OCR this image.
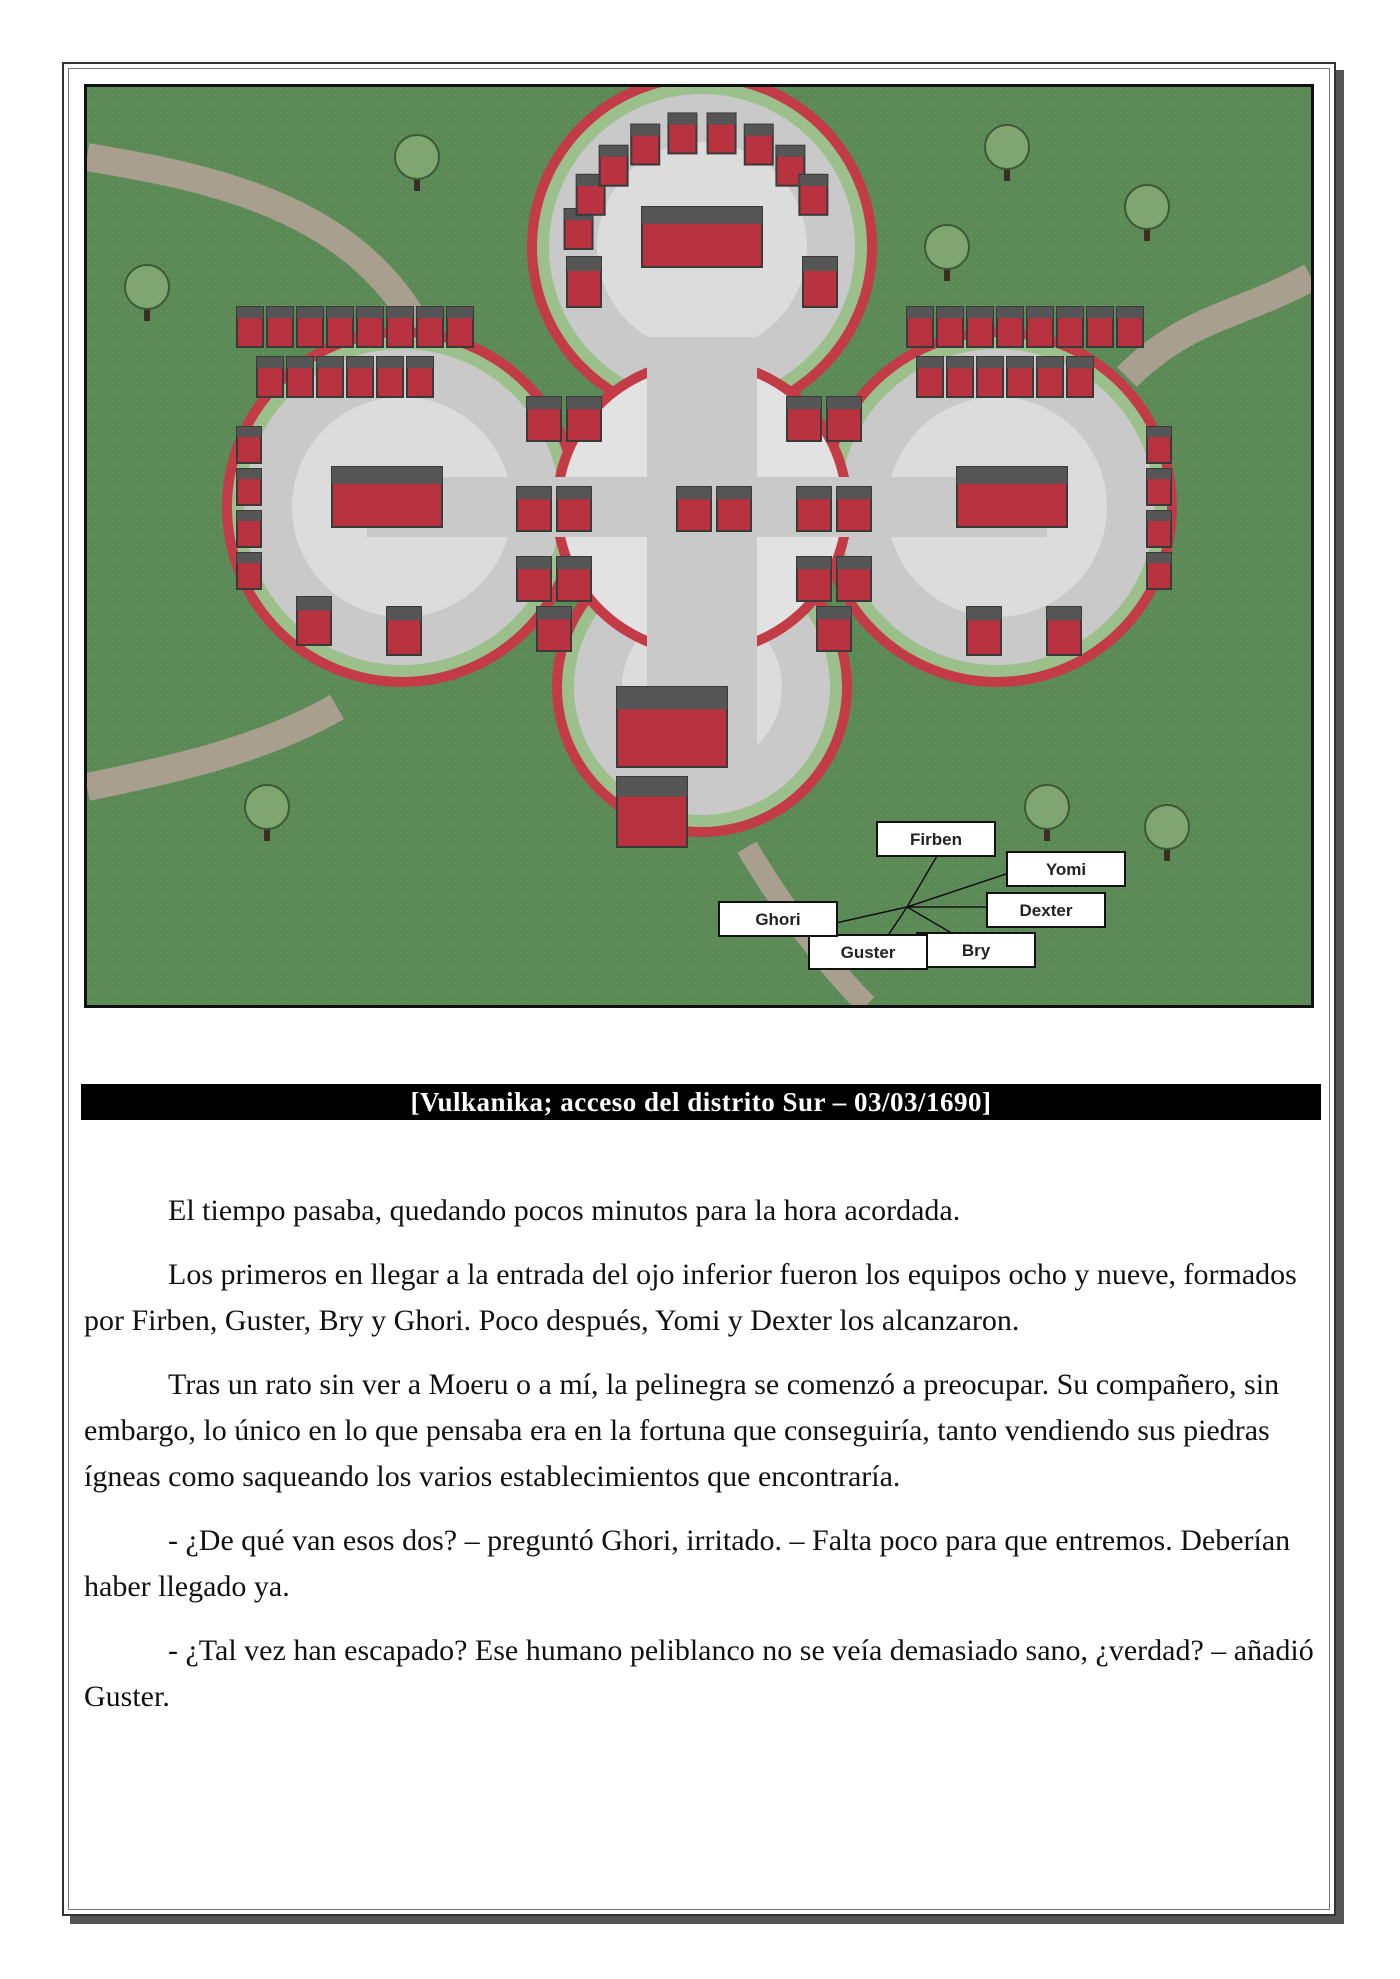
Firben
Yomi
Dexter
Bry
Guster
Ghori
[Vulkanika; acceso del distrito Sur – 03/03/1690]

El tiempo pasaba, quedando pocos minutos para la hora acordada.

Los primeros en llegar a la entrada del ojo inferior fueron los equipos ocho y nueve, formados por Firben, Guster, Bry y Ghori. Poco después, Yomi y Dexter los alcanzaron.

Tras un rato sin ver a Moeru o a mí, la pelinegra se comenzó a preocupar. Su compañero, sin embargo, lo único en lo que pensaba era en la fortuna que conseguiría, tanto vendiendo sus piedras ígneas como saqueando los varios establecimientos que encontraría.

- ¿De qué van esos dos? – preguntó Ghori, irritado. – Falta poco para que entremos. Deberían haber llegado ya.

- ¿Tal vez han escapado? Ese humano peliblanco no se veía demasiado sano, ¿verdad? – añadió Guster.
